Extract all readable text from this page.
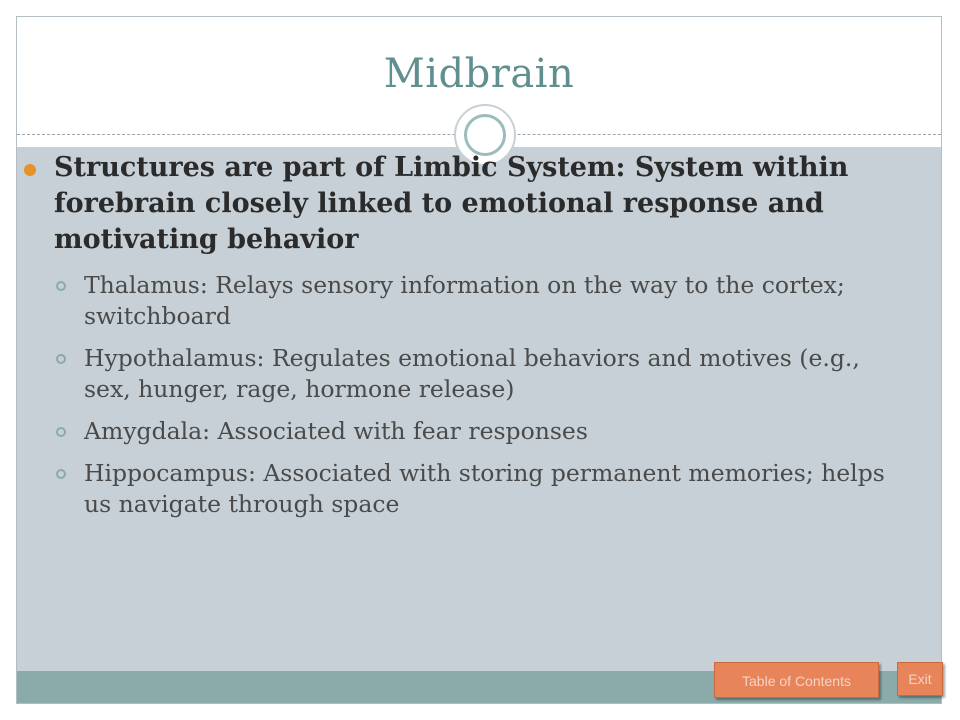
Midbrain
Structures are part of Limbic System: System within forebrain closely linked to emotional response and motivating behavior
Thalamus: Relays sensory information on the way to the cortex; switchboard
Hypothalamus: Regulates emotional behaviors and motives (e.g., sex, hunger, rage, hormone release)
Amygdala: Associated with fear responses
Hippocampus: Associated with storing permanent memories; helps us navigate through space
Table of Contents	Exit
